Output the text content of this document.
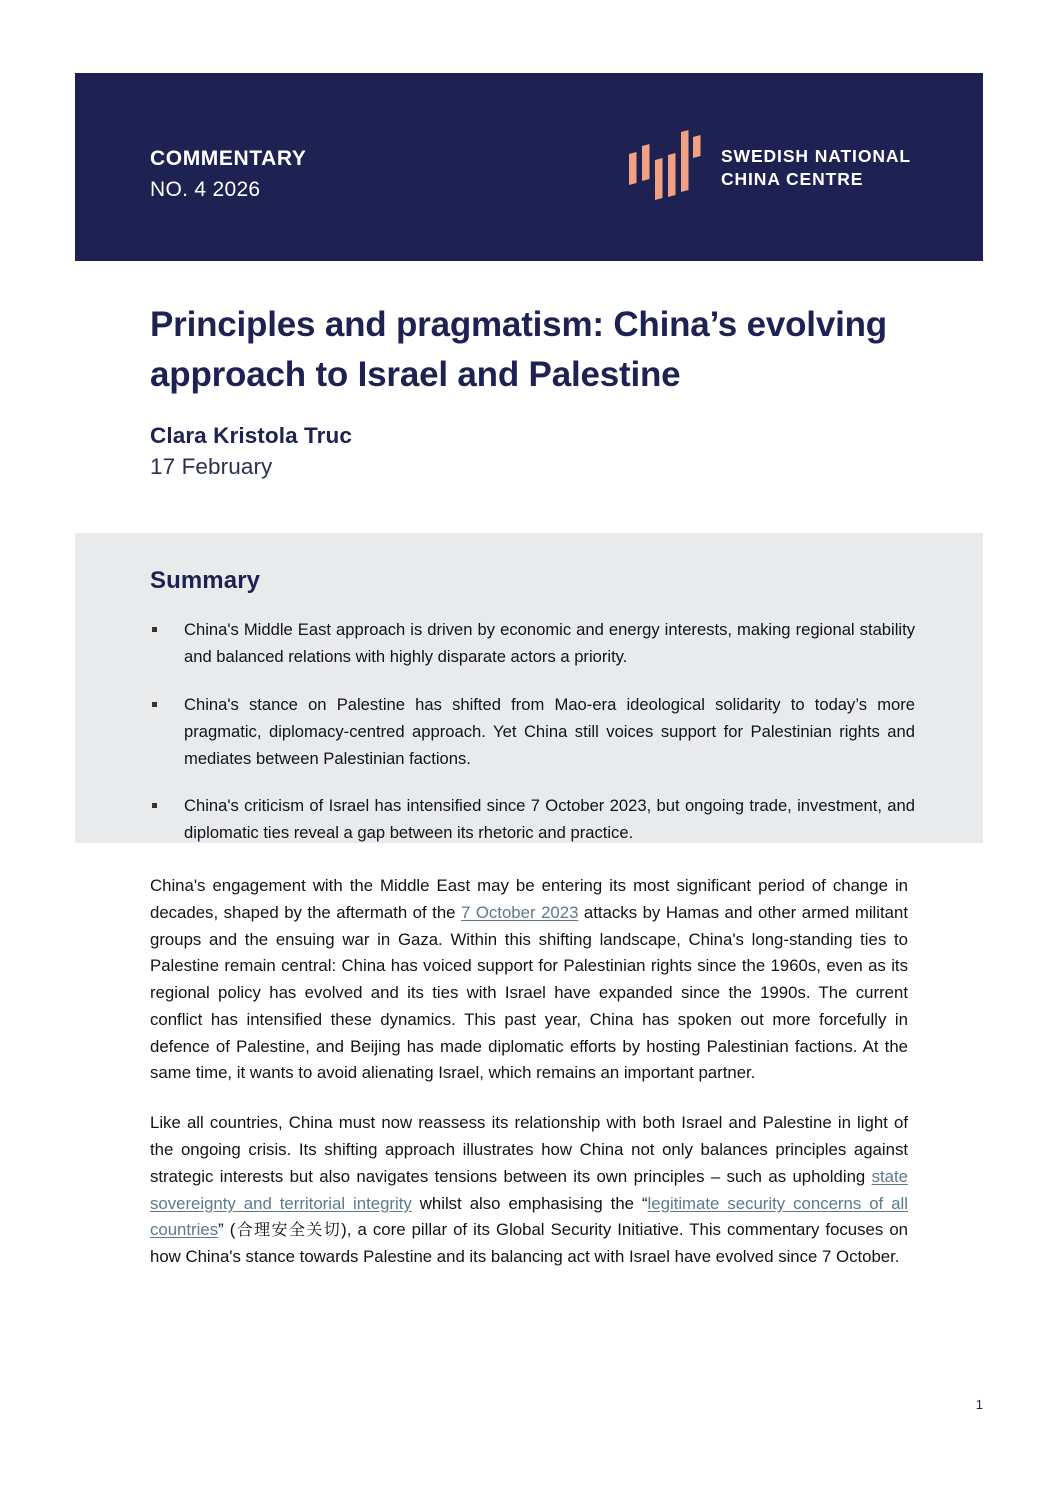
COMMENTARY
NO. 4 2026
SWEDISH NATIONAL
CHINA CENTRE
Principles and pragmatism: China’s evolving approach to Israel and Palestine
Clara Kristola Truc
17 February
Summary
China's Middle East approach is driven by economic and energy interests, making regional stability and balanced relations with highly disparate actors a priority.
China's stance on Palestine has shifted from Mao-era ideological solidarity to today’s more pragmatic, diplomacy-centred approach. Yet China still voices support for Palestinian rights and mediates between Palestinian factions.
China's criticism of Israel has intensified since 7 October 2023, but ongoing trade, investment, and diplomatic ties reveal a gap between its rhetoric and practice.

China's engagement with the Middle East may be entering its most significant period of change in decades, shaped by the aftermath of the 7 October 2023 attacks by Hamas and other armed militant groups and the ensuing war in Gaza. Within this shifting landscape, China's long-standing ties to Palestine remain central: China has voiced support for Palestinian rights since the 1960s, even as its regional policy has evolved and its ties with Israel have expanded since the 1990s. The current conflict has intensified these dynamics. This past year, China has spoken out more forcefully in defence of Palestine, and Beijing has made diplomatic efforts by hosting Palestinian factions. At the same time, it wants to avoid alienating Israel, which remains an important partner.

Like all countries, China must now reassess its relationship with both Israel and Palestine in light of the ongoing crisis. Its shifting approach illustrates how China not only balances principles against strategic interests but also navigates tensions between its own principles – such as upholding state sovereignty and territorial integrity whilst also emphasising the “legitimate security concerns of all countries” (合理安全关切), a core pillar of its Global Security Initiative. This commentary focuses on how China's stance towards Palestine and its balancing act with Israel have evolved since 7 October.

1
